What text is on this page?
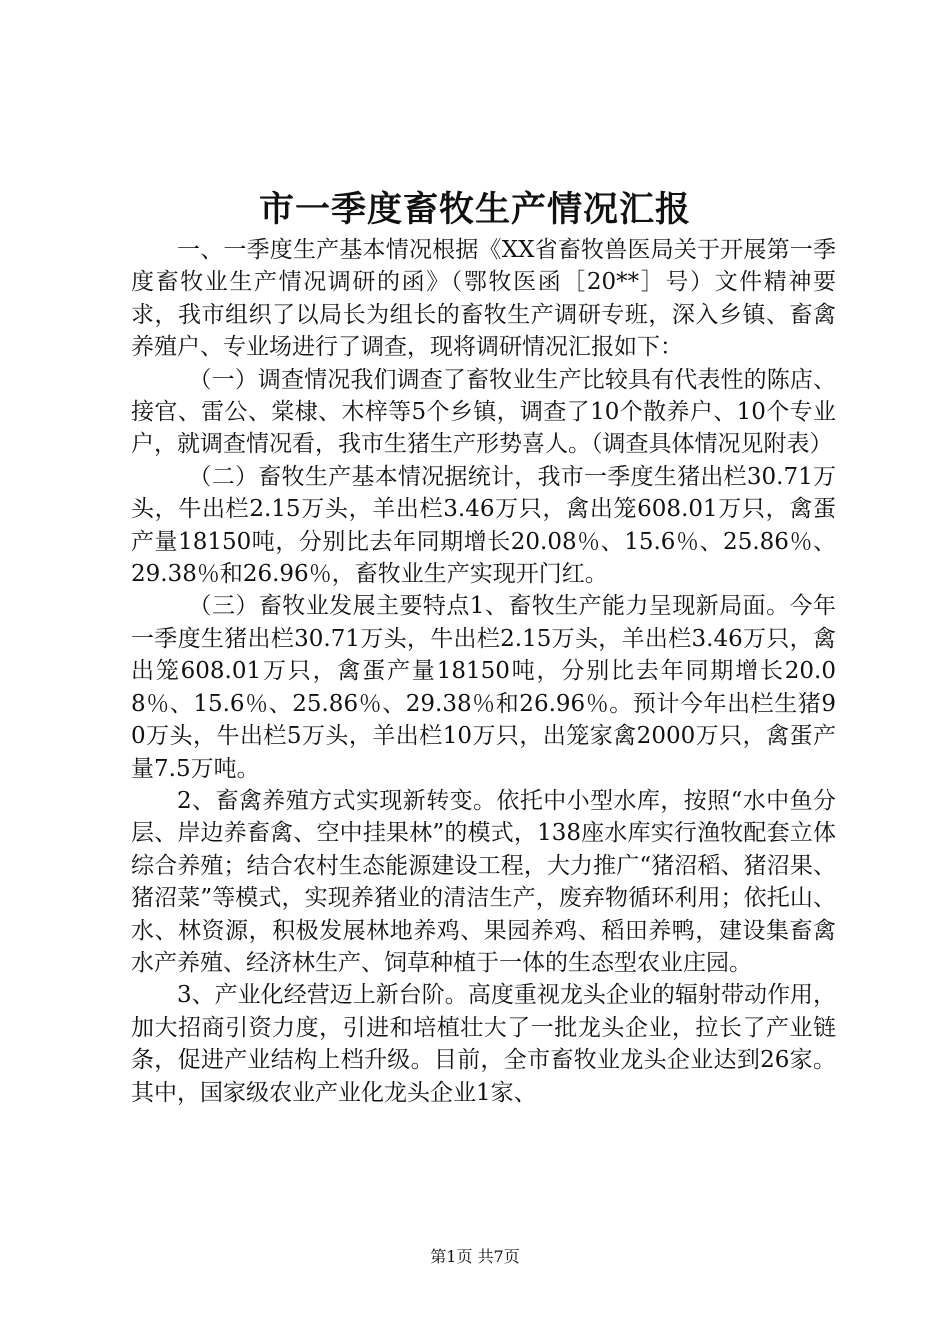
市一季度畜牧生产情况汇报

一、一季度生产基本情况根据《XX省畜牧兽医局关于开展第一季度畜牧业生产情况调研的函》（鄂牧医函［20**］号）文件精神要求，我市组织了以局长为组长的畜牧生产调研专班，深入乡镇、畜禽养殖户、专业场进行了调查，现将调研情况汇报如下：

（一）调查情况我们调查了畜牧业生产比较具有代表性的陈店、接官、雷公、棠棣、木梓等5个乡镇，调查了10个散养户、10个专业户，就调查情况看，我市生猪生产形势喜人。（调查具体情况见附表）

（二）畜牧生产基本情况据统计，我市一季度生猪出栏30.71万头，牛出栏2.15万头，羊出栏3.46万只，禽出笼608.01万只，禽蛋产量18150吨，分别比去年同期增长20.08％、15.6％、25.86％、29.38％和26.96％，畜牧业生产实现开门红。

（三）畜牧业发展主要特点1、畜牧生产能力呈现新局面。今年一季度生猪出栏30.71万头，牛出栏2.15万头，羊出栏3.46万只，禽出笼608.01万只，禽蛋产量18150吨，分别比去年同期增长20.08％、15.6％、25.86％、29.38％和26.96％。预计今年出栏生猪90万头，牛出栏5万头，羊出栏10万只，出笼家禽2000万只，禽蛋产量7.5万吨。

2、畜禽养殖方式实现新转变。依托中小型水库，按照“水中鱼分层、岸边养畜禽、空中挂果林”的模式，138座水库实行渔牧配套立体综合养殖；结合农村生态能源建设工程，大力推广“猪沼稻、猪沼果、猪沼菜”等模式，实现养猪业的清洁生产，废弃物循环利用；依托山、水、林资源，积极发展林地养鸡、果园养鸡、稻田养鸭，建设集畜禽水产养殖、经济林生产、饲草种植于一体的生态型农业庄园。

3、产业化经营迈上新台阶。高度重视龙头企业的辐射带动作用，加大招商引资力度，引进和培植壮大了一批龙头企业，拉长了产业链条，促进产业结构上档升级。目前，全市畜牧业龙头企业达到26家。其中，国家级农业产业化龙头企业1家、

第1页 共7页
